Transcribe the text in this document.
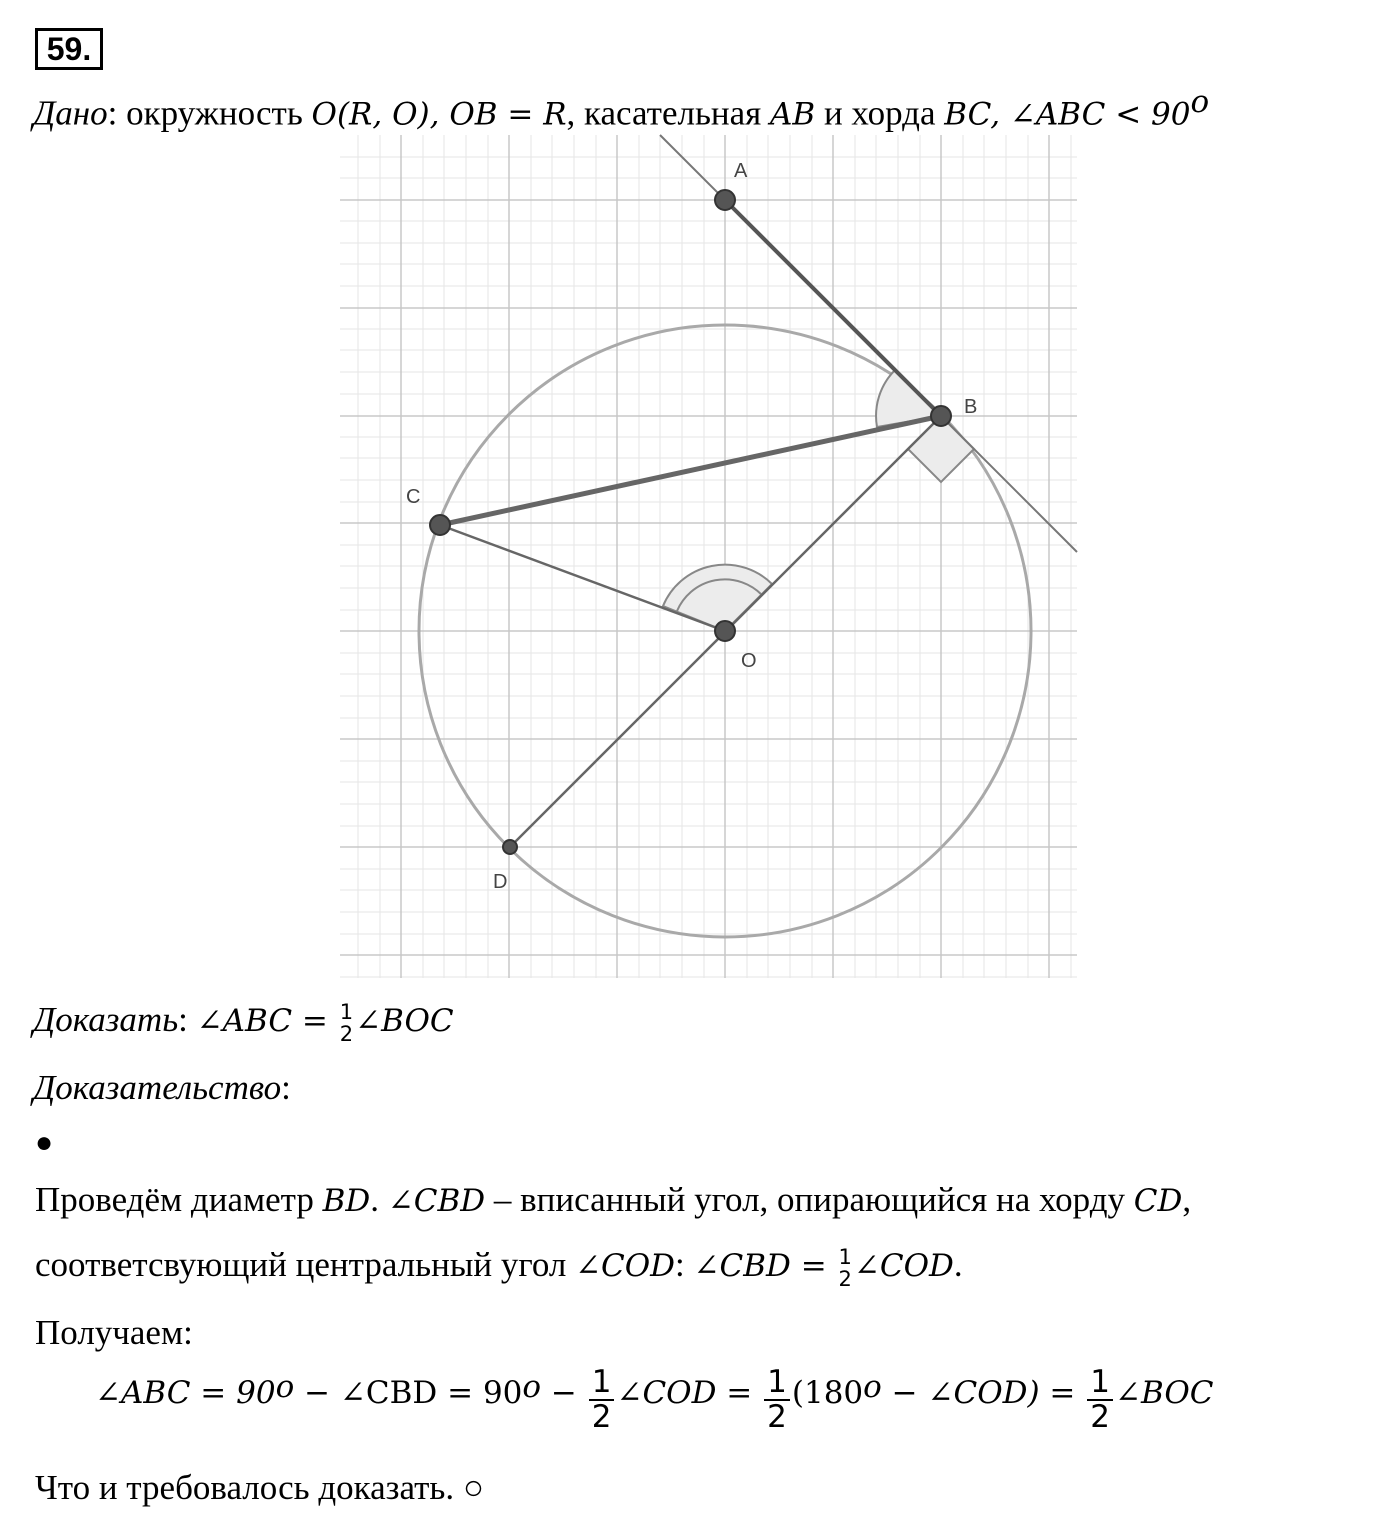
59.
Дано: окружность O(R, O), OB = R, касательная AB и хорда BC, ∠ABC < $90^o$
A
B
C
O
D
Доказать: ∠ABC = 1
2 ∠BOC
Доказательство:
●
Проведём диаметр BD. ∠CBD – вписанный угол, опирающийся на хорду CD,
соответсвующий центральный угол ∠COD: ∠CBD = 1
2 ∠COD.
Получаем:
∠ABC = $90^o$ − ∠CBD = $90^o - \frac{1}{2}$ ∠COD = $\frac{1}{2} (180^o$ − ∠COD) = $\frac{1}{2}$ ∠BOC
Что и требовалось доказать. ○
